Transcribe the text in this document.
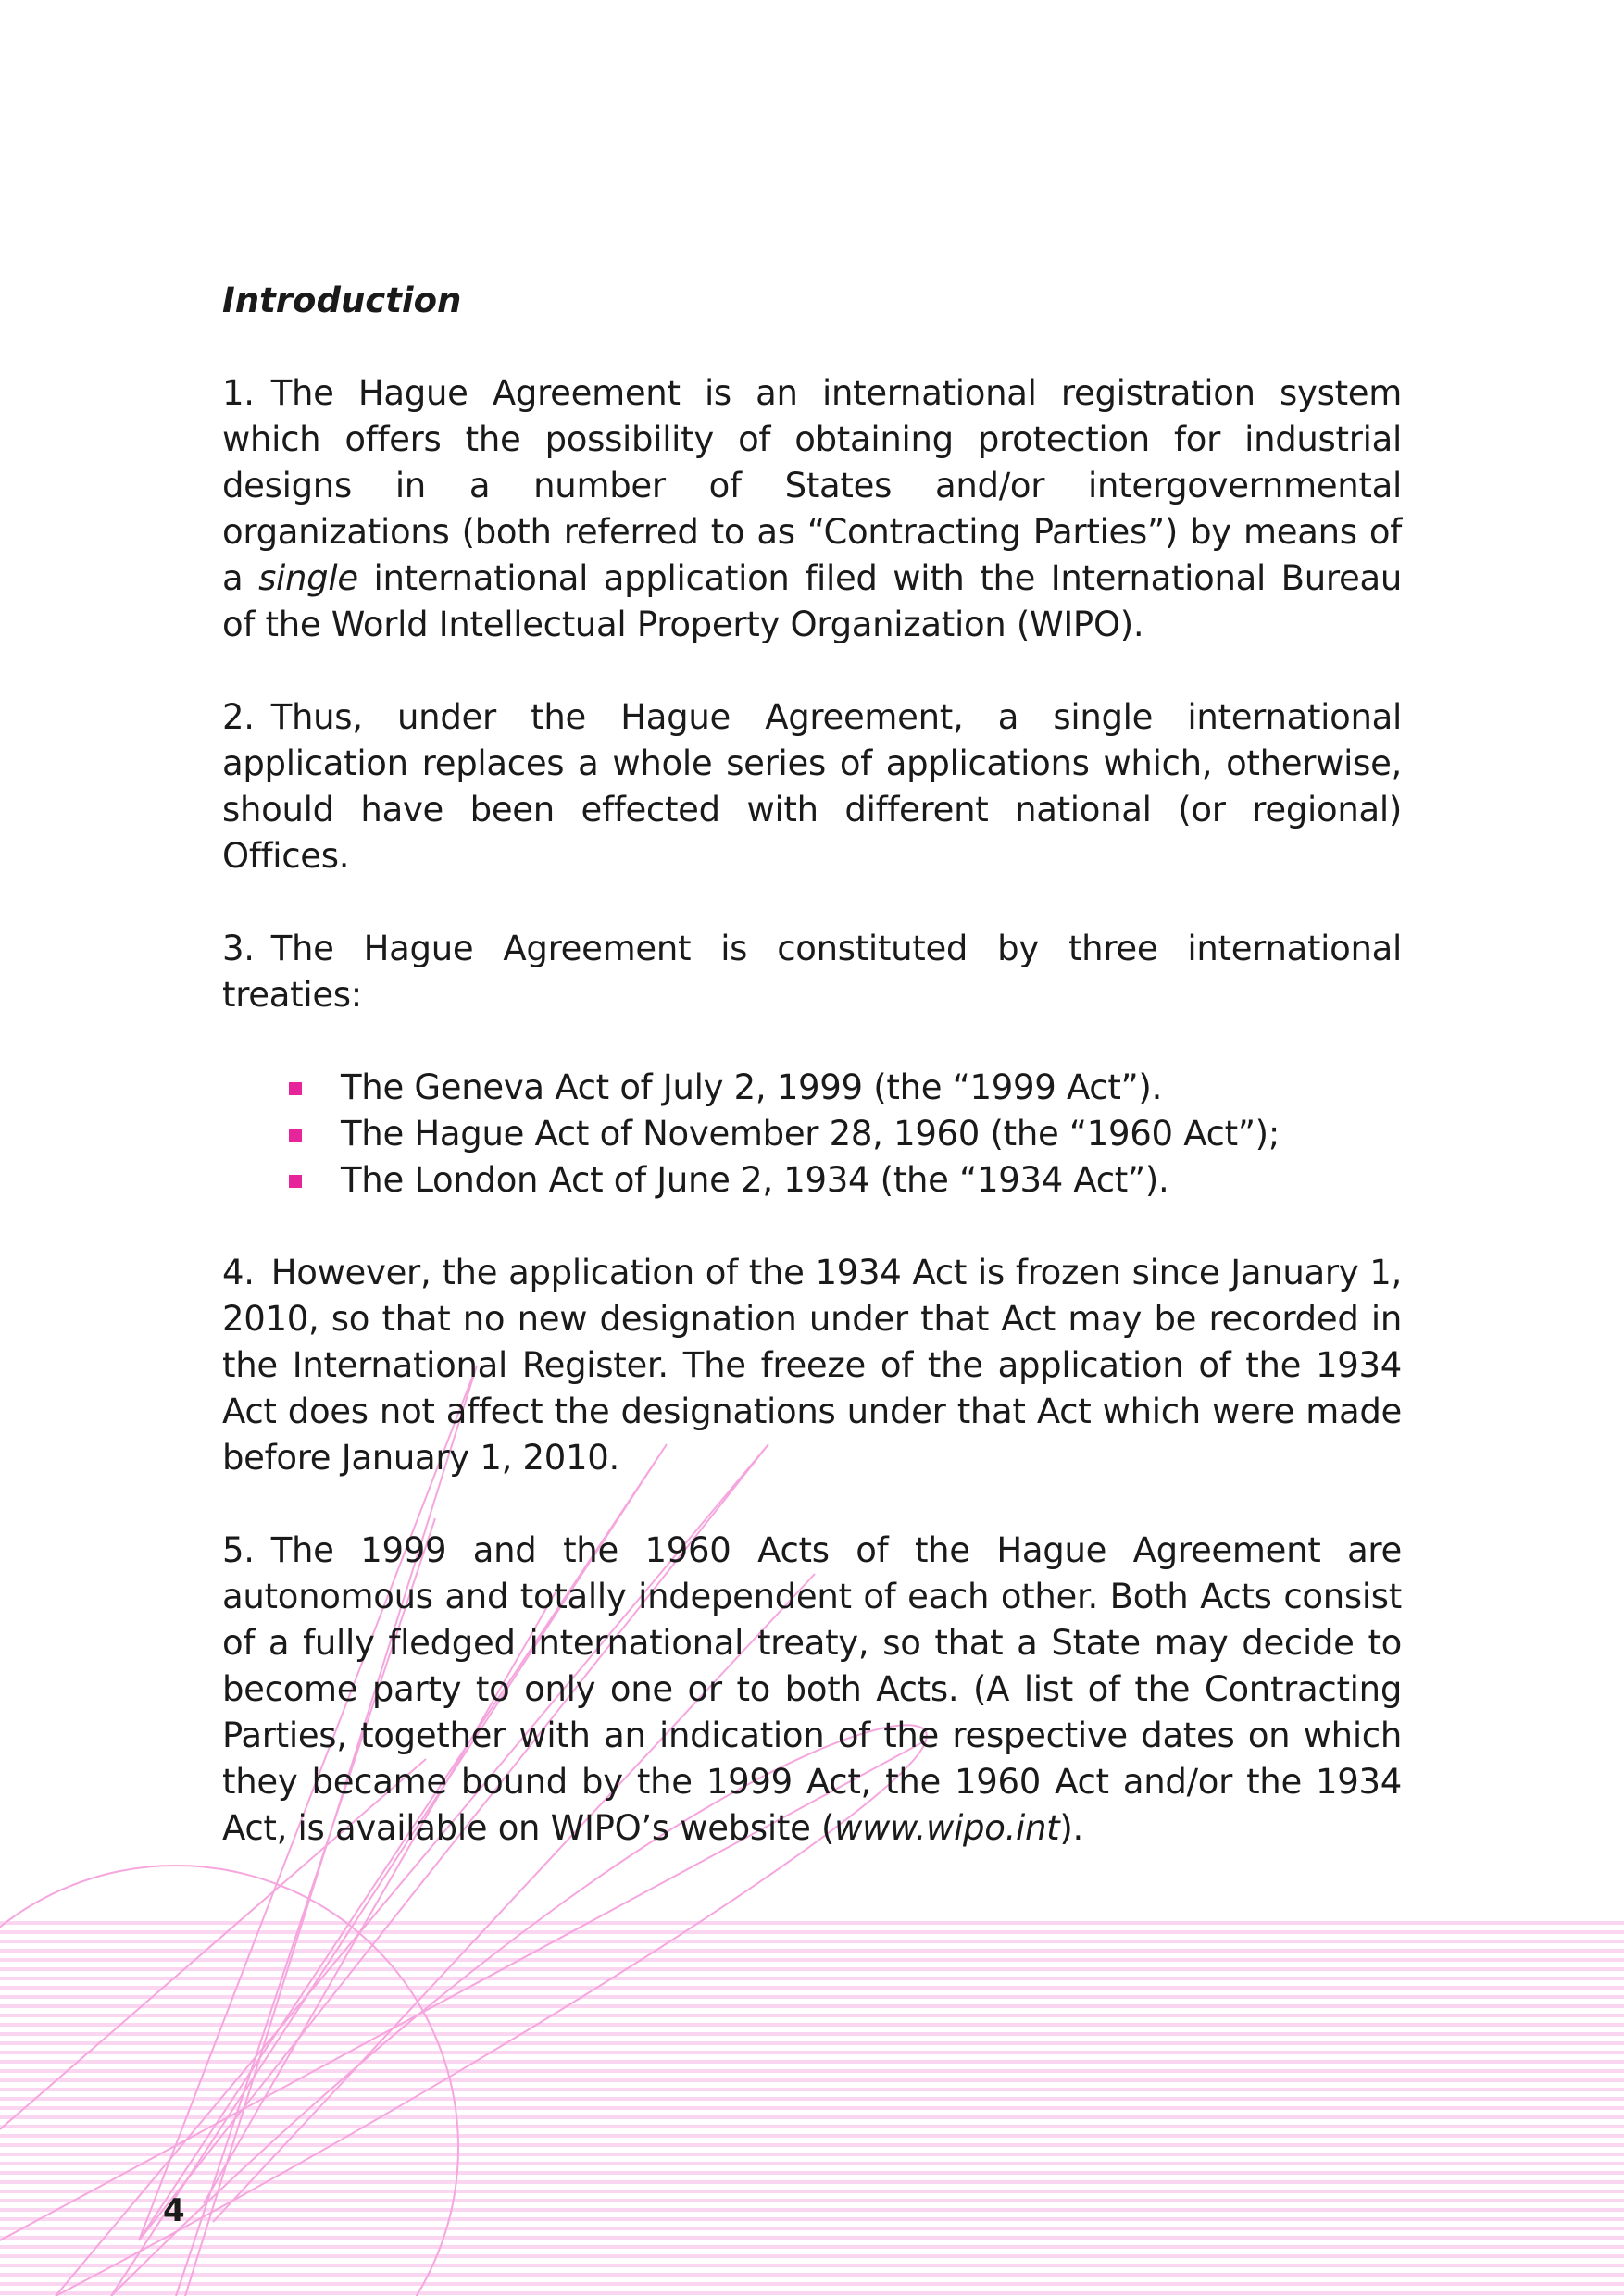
Introduction

1. The Hague Agreement is an international registration system which offers the possibility of obtaining protection for industrial designs in a number of States and/or intergovernmental organizations (both referred to as “Contracting Parties”) by means of a single international application filed with the International Bureau of the World Intellectual Property Organization (WIPO).

2. Thus, under the Hague Agreement, a single international application replaces a whole series of applications which, otherwise, should have been effected with different national (or regional) Offices.

3. The Hague Agreement is constituted by three international treaties:

The Geneva Act of July 2, 1999 (the “1999 Act”).
The Hague Act of November 28, 1960 (the “1960 Act”);
The London Act of June 2, 1934 (the “1934 Act”).

4. However, the application of the 1934 Act is frozen since January 1, 2010, so that no new designation under that Act may be recorded in the International Register. The freeze of the application of the 1934 Act does not affect the designations under that Act which were made before January 1, 2010.

5. The 1999 and the 1960 Acts of the Hague Agreement are autonomous and totally independent of each other. Both Acts consist of a fully fledged international treaty, so that a State may decide to become party to only one or to both Acts. (A list of the Contracting Parties, together with an indication of the respective dates on which they became bound by the 1999 Act, the 1960 Act and/or the 1934 Act, is available on WIPO’s website (www.wipo.int).

4
